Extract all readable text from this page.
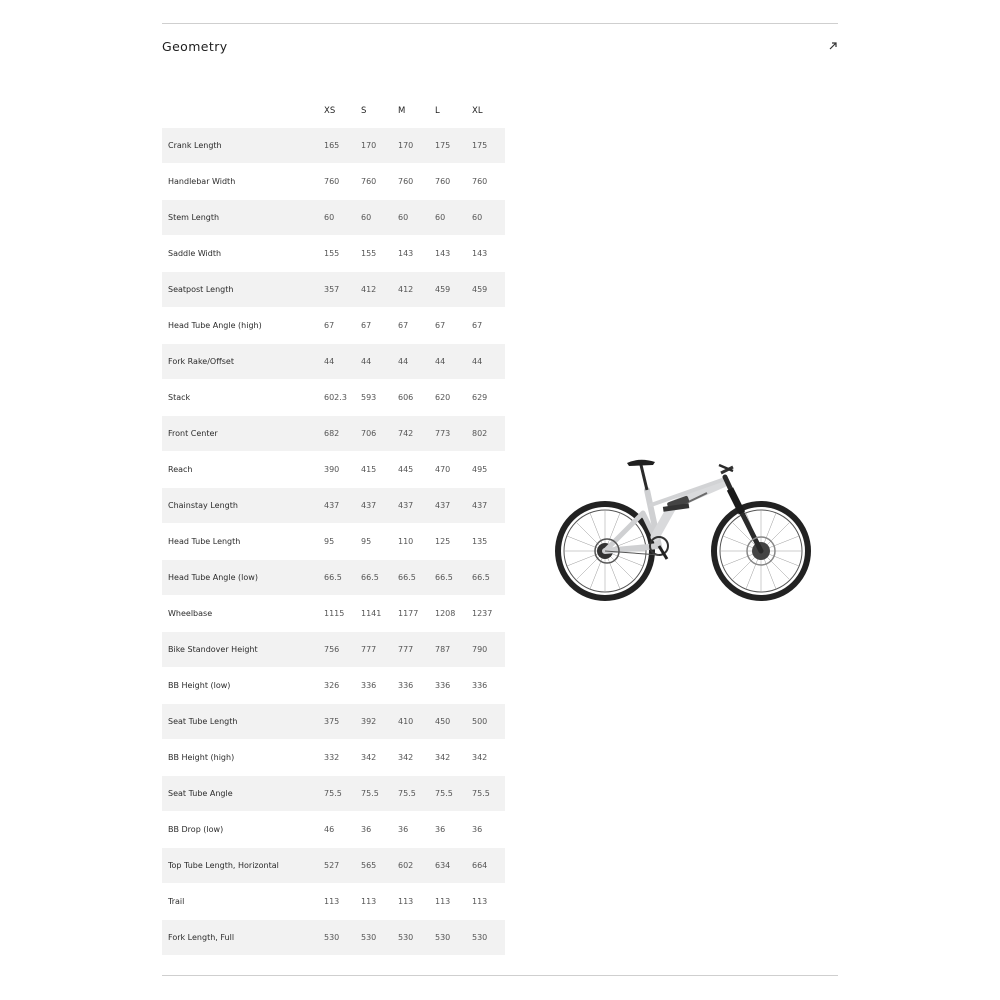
Geometry
	XS	S	M	L	XL
Crank Length	165	170	170	175	175
Handlebar Width	760	760	760	760	760
Stem Length	60	60	60	60	60
Saddle Width	155	155	143	143	143
Seatpost Length	357	412	412	459	459
Head Tube Angle (high)	67	67	67	67	67
Fork Rake/Offset	44	44	44	44	44
Stack	602.3	593	606	620	629
Front Center	682	706	742	773	802
Reach	390	415	445	470	495
Chainstay Length	437	437	437	437	437
Head Tube Length	95	95	110	125	135
Head Tube Angle (low)	66.5	66.5	66.5	66.5	66.5
Wheelbase	1115	1141	1177	1208	1237
Bike Standover Height	756	777	777	787	790
BB Height (low)	326	336	336	336	336
Seat Tube Length	375	392	410	450	500
BB Height (high)	332	342	342	342	342
Seat Tube Angle	75.5	75.5	75.5	75.5	75.5
BB Drop (low)	46	36	36	36	36
Top Tube Length, Horizontal	527	565	602	634	664
Trail	113	113	113	113	113
Fork Length, Full	530	530	530	530	530
